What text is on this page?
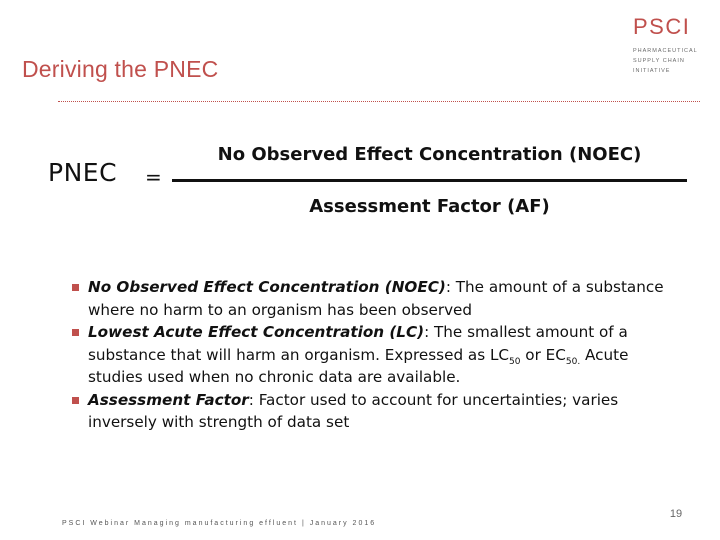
Deriving the PNEC
PSCI
PHARMACEUTICAL
SUPPLY CHAIN
INITIATIVE
PNEC =
No Observed Effect Concentration (NOEC)
Assessment Factor (AF)
No Observed Effect Concentration (NOEC): The amount of a substance where no harm to an organism has been observed
Lowest Acute Effect Concentration (LC): The smallest amount of a substance that will harm an organism. Expressed as $LC_{50}$ or $EC_{50.}$ Acute studies used when no chronic data are available.
Assessment Factor: Factor used to account for uncertainties; varies inversely with strength of data set
PSCI Webinar Managing manufacturing effluent | January 2016
19
